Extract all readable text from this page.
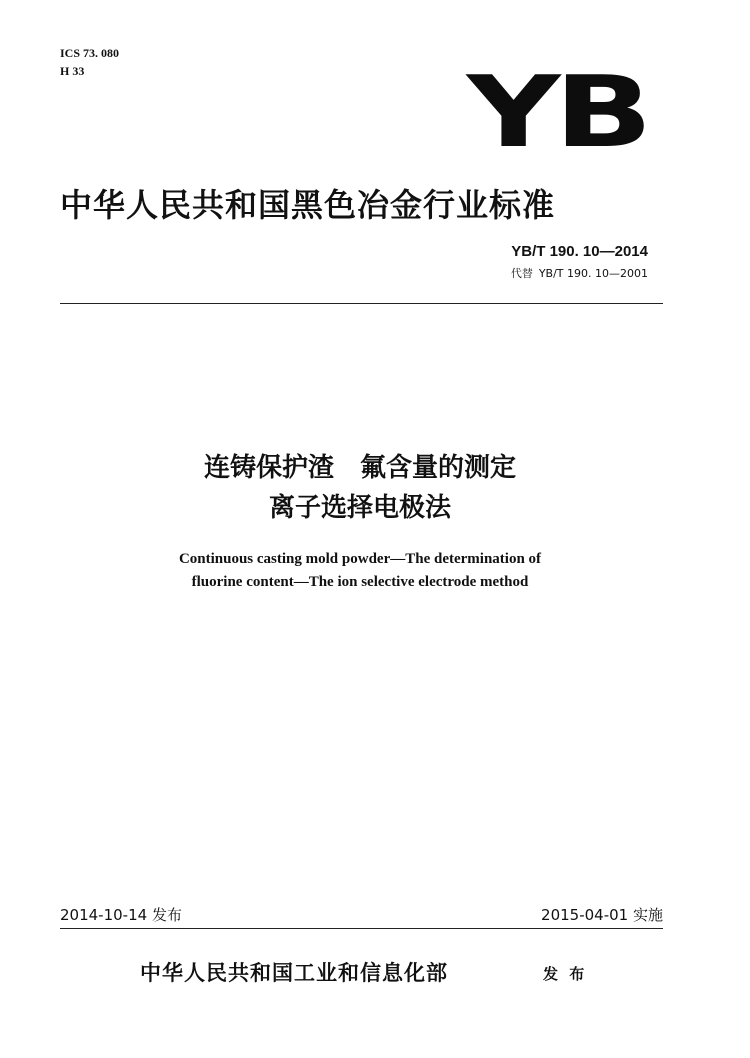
ICS 73. 080
H 33	YB
中华人民共和国黑色冶金行业标准
YB/T 190. 10—2014
代替 YB/T 190. 10—2001
连铸保护渣　氟含量的测定
离子选择电极法
Continuous casting mold powder—The determination of
fluorine content—The ion selective electrode method
2014-10-14 发布	2015-04-01 实施
中华人民共和国工业和信息化部	发 布
